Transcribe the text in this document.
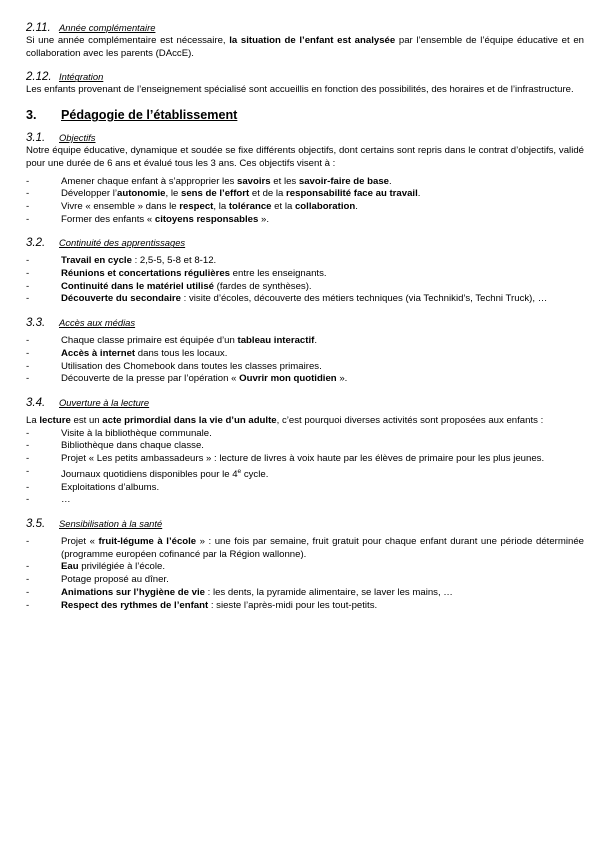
2.11. Année complémentaire

Si une année complémentaire est nécessaire, la situation de l’enfant est analysée par l’ensemble de l’équipe éducative et en collaboration avec les parents (DAccE).

2.12. Intégration

Les enfants provenant de l’enseignement spécialisé sont accueillis en fonction des possibilités, des horaires et de l’infrastructure.

3. Pédagogie de l’établissement
3.1. Objectifs

Notre équipe éducative, dynamique et soudée se fixe différents objectifs, dont certains sont repris dans le contrat d’objectifs, validé pour une durée de 6 ans et évalué tous les 3 ans. Ces objectifs visent à :

-	Amener chaque enfant à s’approprier les savoirs et les savoir-faire de base.
-	Développer l’autonomie, le sens de l’effort et de la responsabilité face au travail.
-	Vivre « ensemble » dans le respect, la tolérance et la collaboration.
-	Former des enfants « citoyens responsables ».
3.2. Continuité des apprentissages
-	Travail en cycle : 2,5-5, 5-8 et 8-12.
-	Réunions et concertations régulières entre les enseignants.
-	Continuité dans le matériel utilisé (fardes de synthèses).
-	Découverte du secondaire : visite d’écoles, découverte des métiers techniques (via Technikid’s, Techni Truck), …
3.3. Accès aux médias
-	Chaque classe primaire est équipée d’un tableau interactif.
-	Accès à internet dans tous les locaux.
-	Utilisation des Chomebook dans toutes les classes primaires.
-	Découverte de la presse par l’opération « Ouvrir mon quotidien ».
3.4. Ouverture à la lecture

La lecture est un acte primordial dans la vie d’un adulte, c’est pourquoi diverses activités sont proposées aux enfants :

-	Visite à la bibliothèque communale.
-	Bibliothèque dans chaque classe.
-	Projet « Les petits ambassadeurs » : lecture de livres à voix haute par les élèves de primaire pour les plus jeunes.
-	Journaux quotidiens disponibles pour le 4e cycle.
-	Exploitations d’albums.
-	…
3.5. Sensibilisation à la santé
-	Projet « fruit-légume à l’école » : une fois par semaine, fruit gratuit pour chaque enfant durant une période déterminée (programme européen cofinancé par la Région wallonne).
-	Eau privilégiée à l’école.
-	Potage proposé au dîner.
-	Animations sur l’hygiène de vie : les dents, la pyramide alimentaire, se laver les mains, …
-	Respect des rythmes de l’enfant : sieste l’après-midi pour les tout-petits.
